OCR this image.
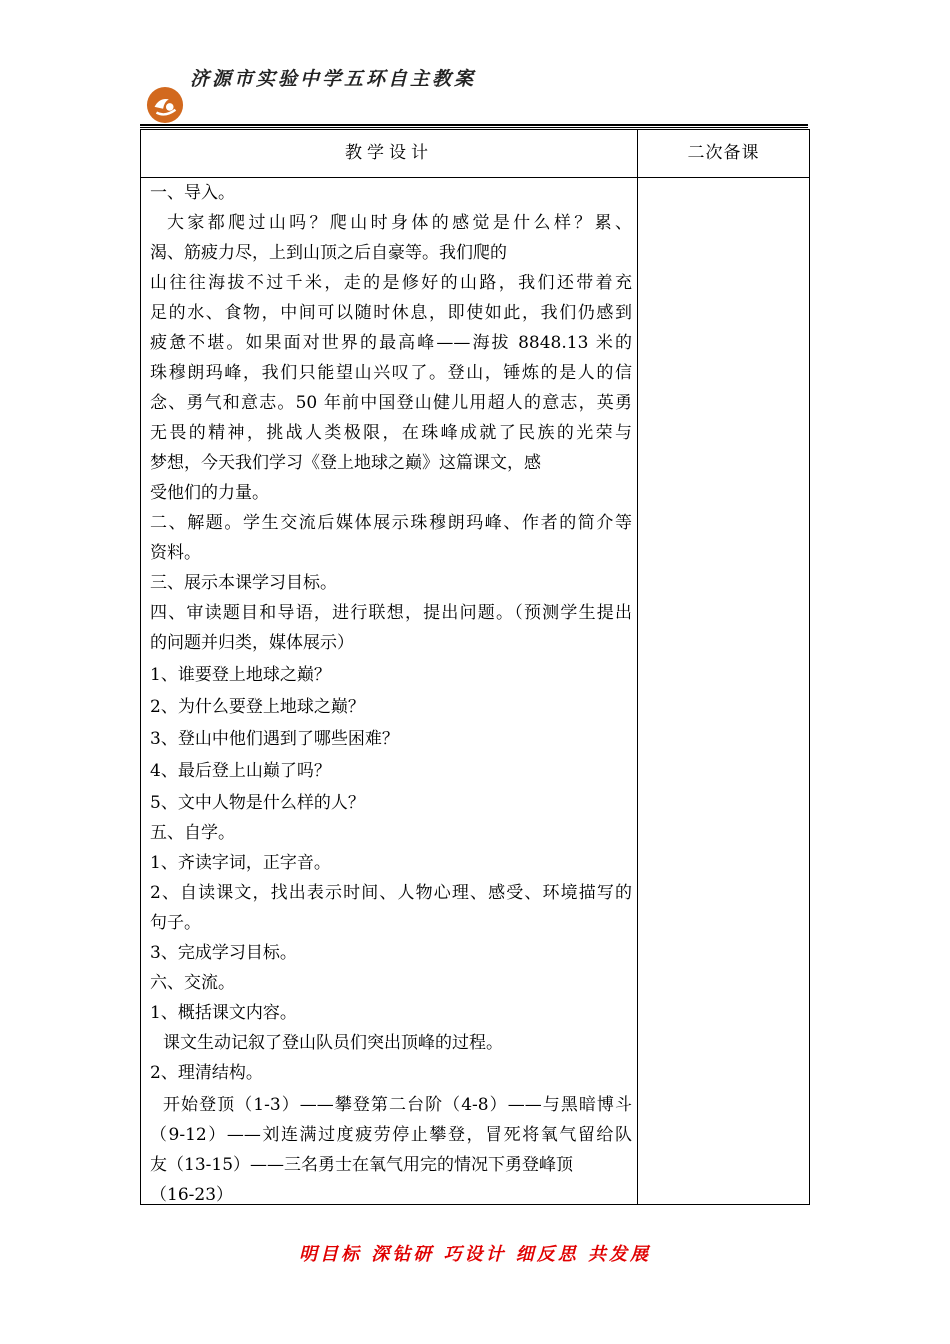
济源市实验中学五环自主教案
教学设计	二次备课
一、导入。
大家都爬过山吗？爬山时身体的感觉是什么样？累、
渴、筋疲力尽，上到山顶之后自豪等。我们爬的
山往往海拔不过千米，走的是修好的山路，我们还带着充
足的水、食物，中间可以随时休息，即使如此，我们仍感到
疲惫不堪。如果面对世界的最高峰——海拔 8848.13 米的
珠穆朗玛峰，我们只能望山兴叹了。登山，锤炼的是人的信
念、勇气和意志。50 年前中国登山健儿用超人的意志，英勇
无畏的精神，挑战人类极限，在珠峰成就了民族的光荣与
梦想，今天我们学习《登上地球之巅》这篇课文，感
受他们的力量。
二、解题。学生交流后媒体展示珠穆朗玛峰、作者的简介等
资料。
三、展示本课学习目标。
四、审读题目和导语，进行联想，提出问题。（预测学生提出
的问题并归类，媒体展示）
1、谁要登上地球之巅？
2、为什么要登上地球之巅？
3、登山中他们遇到了哪些困难？
4、最后登上山巅了吗？
5、文中人物是什么样的人？
五、自学。
1、齐读字词，正字音。
2、自读课文，找出表示时间、人物心理、感受、环境描写的
句子。
3、完成学习目标。
六、交流。
1、概括课文内容。
课文生动记叙了登山队员们突出顶峰的过程。
2、理清结构。
开始登顶（1-3）——攀登第二台阶（4-8）——与黑暗博斗
（9-12）——刘连满过度疲劳停止攀登，冒死将氧气留给队
友（13-15）——三名勇士在氧气用完的情况下勇登峰顶
（16-23）
明目标 深钻研 巧设计 细反思 共发展
